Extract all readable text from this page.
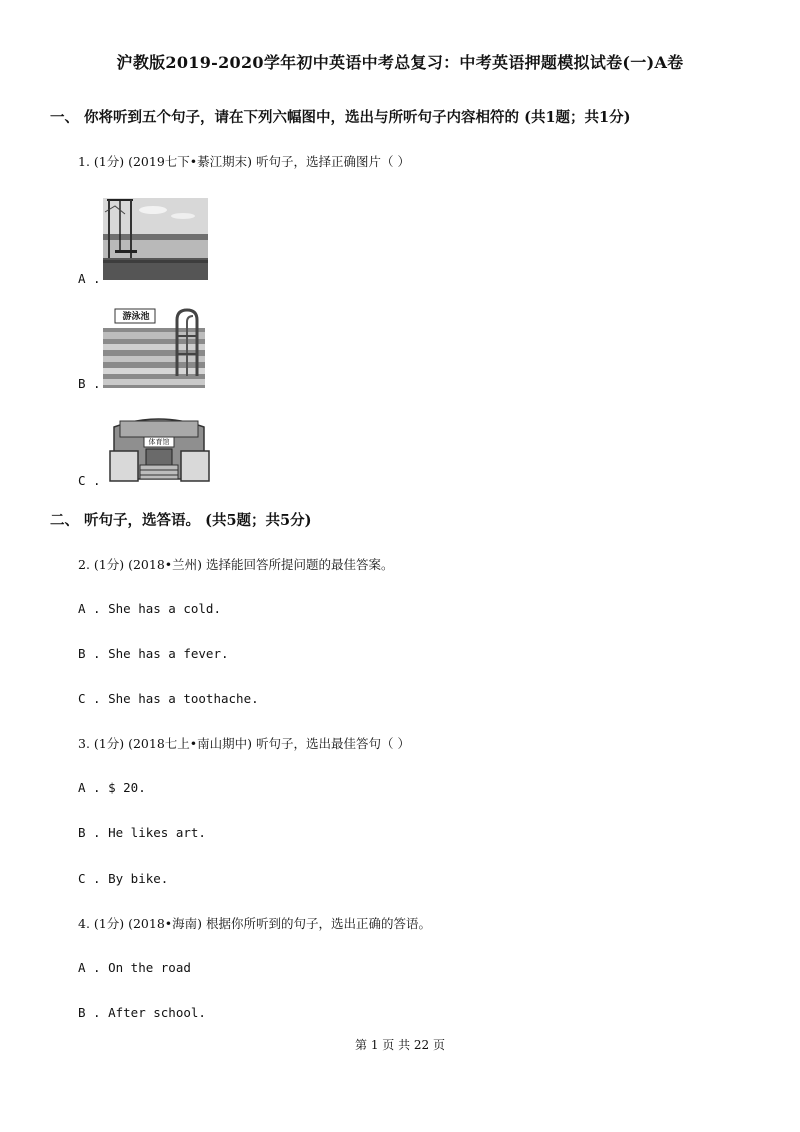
沪教版2019-2020学年初中英语中考总复习：中考英语押题模拟试卷(一)A卷
一、 你将听到五个句子，请在下列六幅图中，选出与所听句子内容相符的 (共1题；共1分)
1. (1分) (2019七下•綦江期末) 听句子，选择正确图片（ ）
A .
B .
游泳池
C .
体育馆
二、 听句子，选答语。 (共5题；共5分)
2. (1分) (2018•兰州) 选择能回答所提问题的最佳答案。
A . She has a cold.
B . She has a fever.
C . She has a toothache.
3. (1分) (2018七上•南山期中) 听句子，选出最佳答句（ ）
A . $ 20.
B . He likes art.
C . By bike.
4. (1分) (2018•海南) 根据你所听到的句子，选出正确的答语。
A . On the road
B . After school.
第 1 页 共 22 页
